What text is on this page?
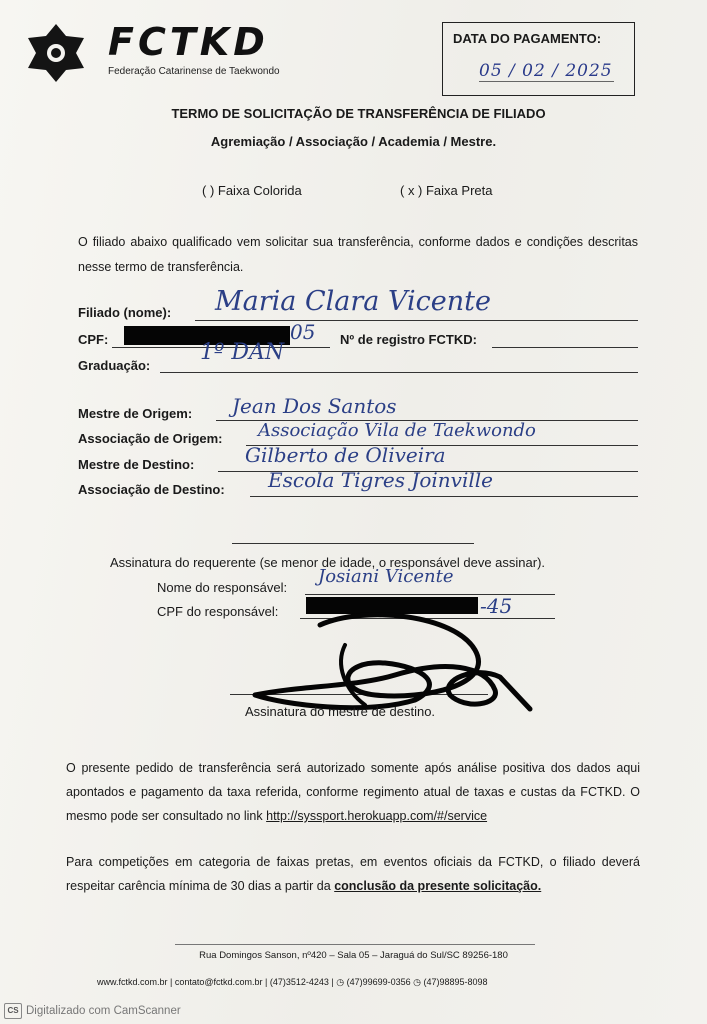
FCTKD
Federação Catarinense de Taekwondo
DATA DO PAGAMENTO:
05 / 02 / 2025
TERMO DE SOLICITAÇÃO DE TRANSFERÊNCIA DE FILIADO
Agremiação / Associação / Academia / Mestre.
( ) Faixa Colorida	( x ) Faixa Preta
O filiado abaixo qualificado vem solicitar sua transferência, conforme dados e condições descritas nesse termo de transferência.
Filiado (nome): Maria Clara Vicente
CPF:	05 Nº de registro FCTKD:
Graduação:
1º DAN
Mestre de Origem: Jean Dos Santos
Associação de Origem: Associação Vila de Taekwondo
Mestre de Destino:	Gilberto de Oliveira
Associação de Destino: Escola Tigres Joinville
Assinatura do requerente (se menor de idade, o responsável deve assinar).
Nome do responsável:
Josiani Vicente
CPF do responsável:	-45
Assinatura do mestre de destino.
O presente pedido de transferência será autorizado somente após análise positiva dos dados aqui apontados e pagamento da taxa referida, conforme regimento atual de taxas e custas da FCTKD. O mesmo pode ser consultado no link http://syssport.herokuapp.com/#/service
Para competições em categoria de faixas pretas, em eventos oficiais da FCTKD, o filiado deverá respeitar carência mínima de 30 dias a partir da conclusão da presente solicitação.
Rua Domingos Sanson, nº420 – Sala 05 – Jaraguá do Sul/SC 89256-180
www.fctkd.com.br | contato@fctkd.com.br | (47)3512-4243 | ◷ (47)99699-0356 ◷ (47)98895-8098
CS Digitalizado com CamScanner
